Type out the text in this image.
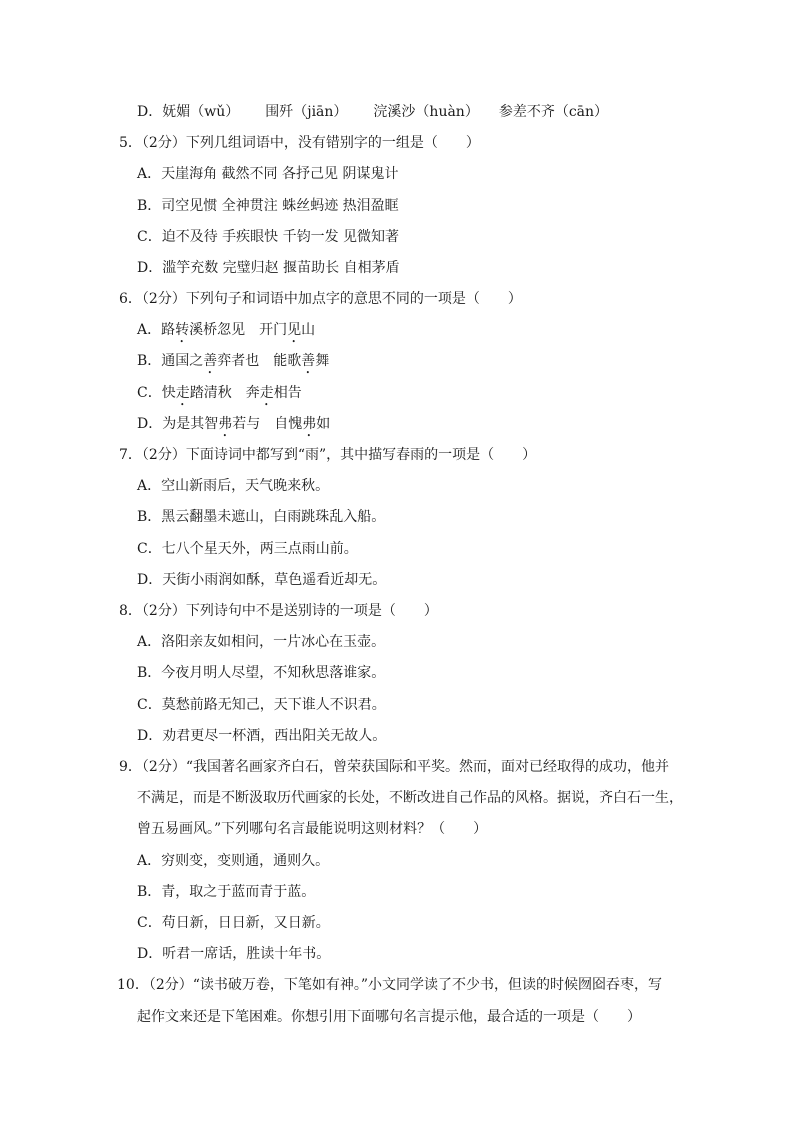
D．妩媚（wǔ） 围歼（jiān） 浣溪沙（huàn） 参差不齐（cān）
5．（2分）下列几组词语中，没有错别字的一组是（　　）
A．天崖海角 截然不同 各抒己见 阴谋鬼计
B．司空见惯 全神贯注 蛛丝蚂迹 热泪盈眶
C．迫不及待 手疾眼快 千钧一发 见微知著
D．滥竽充数 完璧归赵 揠苗助长 自相茅盾
6．（2分）下列句子和词语中加点字的意思不同的一项是（　　）
A．路转溪桥忽见　 开门见山
B．通国之善弈者也　 能歌善舞
C．快走踏清秋　 奔走相告
D．为是其智弗若与　 自愧弗如
7．（2分）下面诗词中都写到“雨”，其中描写春雨的一项是（　　）
A．空山新雨后，天气晚来秋。
B．黑云翻墨未遮山，白雨跳珠乱入船。
C．七八个星天外，两三点雨山前。
D．天街小雨润如酥，草色遥看近却无。
8．（2分）下列诗句中不是送别诗的一项是（　　）
A．洛阳亲友如相问，一片冰心在玉壶。
B．今夜月明人尽望，不知秋思落谁家。
C．莫愁前路无知己，天下谁人不识君。
D．劝君更尽一杯酒，西出阳关无故人。
9．（2分）“我国著名画家齐白石，曾荣获国际和平奖。然而，面对已经取得的成功，他并
不满足，而是不断汲取历代画家的长处，不断改进自己作品的风格。据说，齐白石一生，
曾五易画风。”下列哪句名言最能说明这则材料？（　　）
A．穷则变，变则通，通则久。
B．青，取之于蓝而青于蓝。
C．苟日新，日日新，又日新。
D．听君一席话，胜读十年书。
10．（2分）“读书破万卷，下笔如有神。”小文同学读了不少书，但读的时候囫囵吞枣，写
起作文来还是下笔困难。你想引用下面哪句名言提示他，最合适的一项是（　　）
